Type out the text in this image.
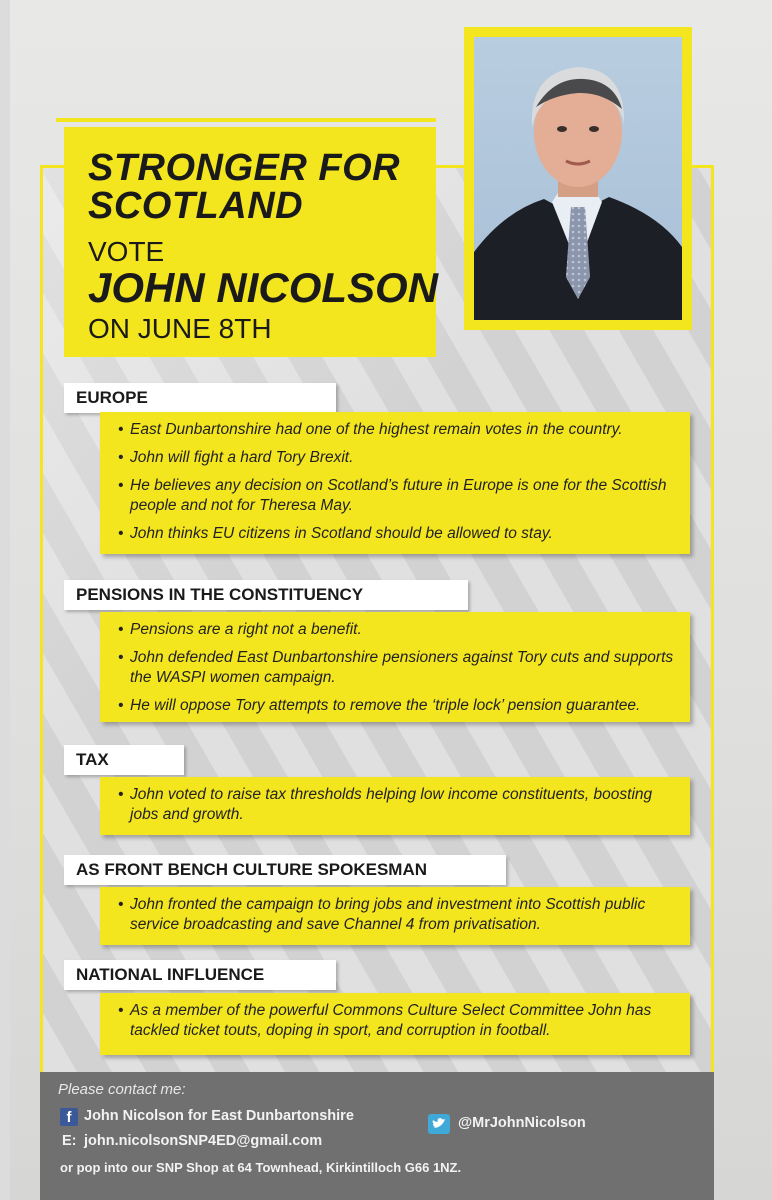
STRONGER FOR
SCOTLAND
VOTE
JOHN NICOLSON
ON JUNE 8TH
EUROPE
• East Dunbartonshire had one of the highest remain votes in the country.
• John will fight a hard Tory Brexit.
• He believes any decision on Scotland’s future in Europe is one for the Scottish people and not for Theresa May.
• John thinks EU citizens in Scotland should be allowed to stay.
PENSIONS IN THE CONSTITUENCY
• Pensions are a right not a benefit.
• John defended East Dunbartonshire pensioners against Tory cuts and supports the WASPI women campaign.
• He will oppose Tory attempts to remove the ‘triple lock’ pension guarantee.
TAX
• John voted to raise tax thresholds helping low income constituents, boosting jobs and growth.
AS FRONT BENCH CULTURE SPOKESMAN
• John fronted the campaign to bring jobs and investment into Scottish public service broadcasting and save Channel 4 from privatisation.
NATIONAL INFLUENCE
• As a member of the powerful Commons Culture Select Committee John has tackled ticket touts, doping in sport, and corruption in football.
Please contact me:
f John Nicolson for East Dunbartonshire	@MrJohnNicolson
E: john.nicolsonSNP4ED@gmail.com
or pop into our SNP Shop at 64 Townhead, Kirkintilloch G66 1NZ.
